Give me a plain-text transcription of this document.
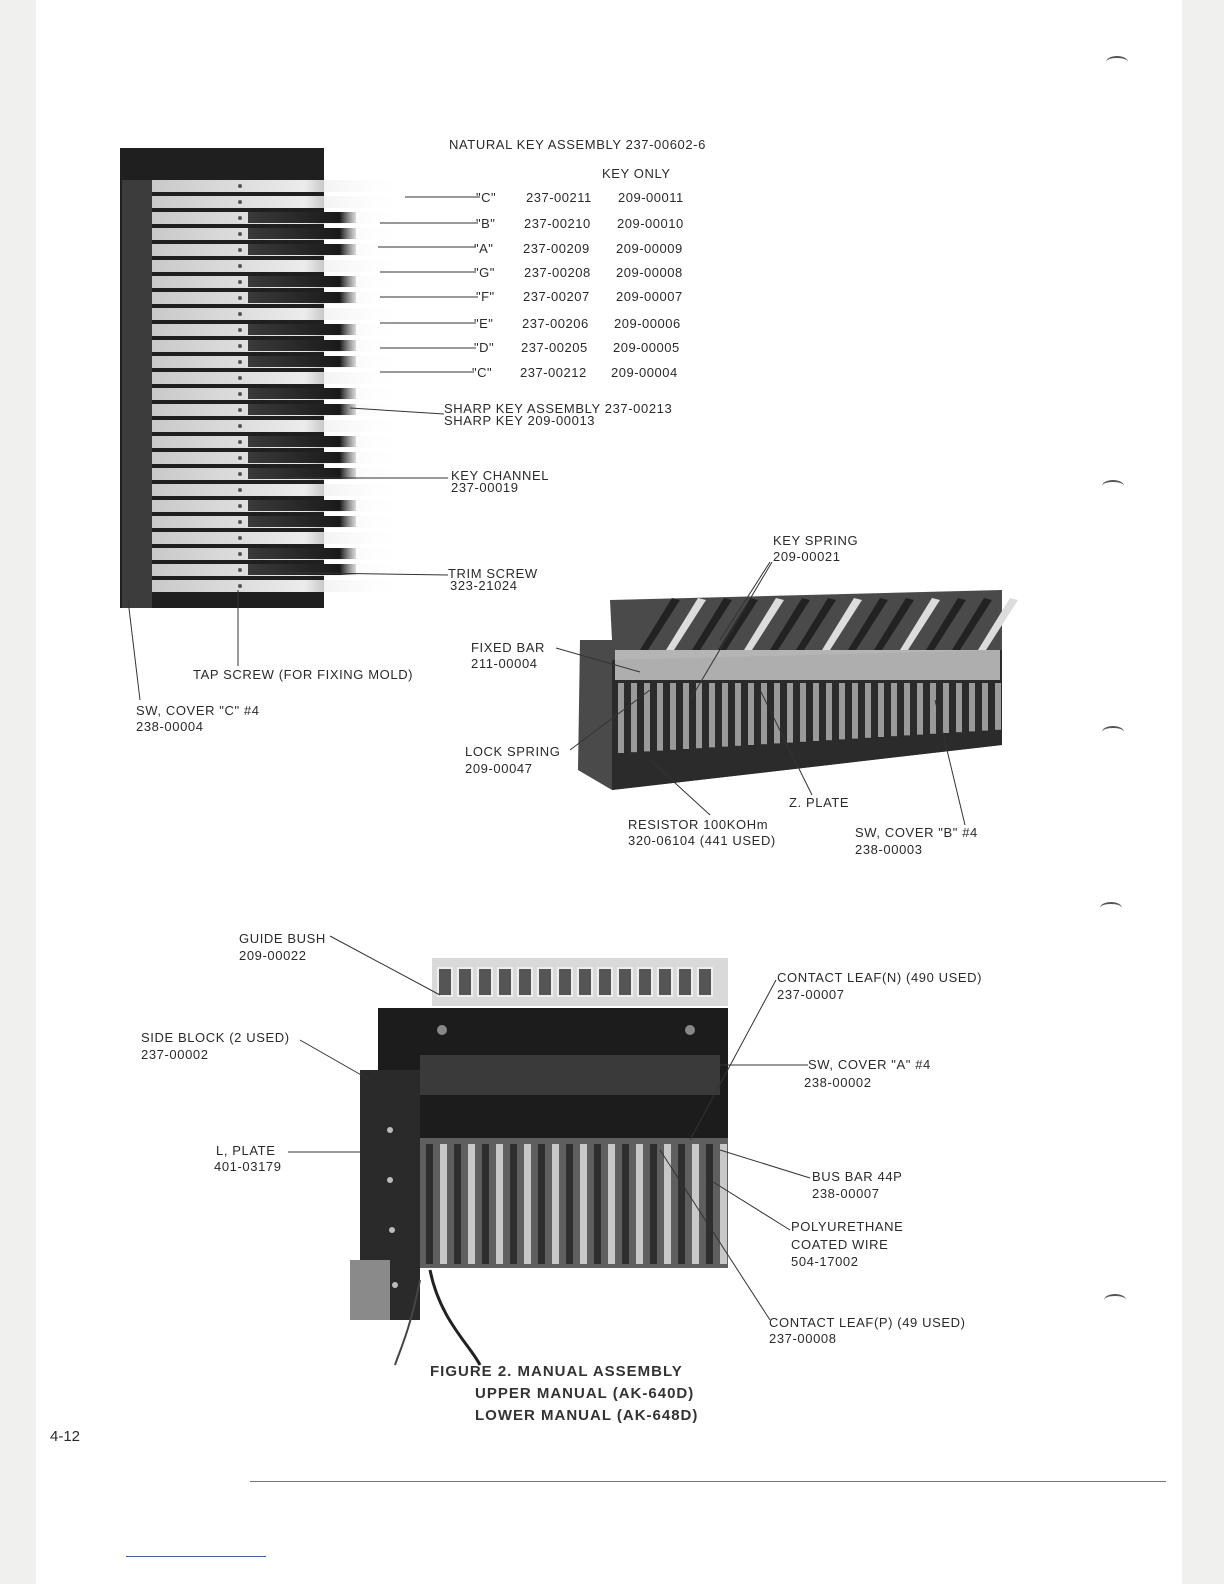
NATURAL KEY ASSEMBLY 237-00602-6
KEY ONLY
"C" 237-00211 209-00011
"B" 237-00210 209-00010
"A" 237-00209 209-00009
"G" 237-00208 209-00008
"F" 237-00207 209-00007
"E" 237-00206 209-00006
"D" 237-00205 209-00005
"C" 237-00212 209-00004
SHARP KEY ASSEMBLY 237-00213
SHARP KEY 209-00013
KEY CHANNEL
237-00019
TRIM SCREW
323-21024
TAP SCREW (FOR FIXING MOLD)
SW, COVER "C" #4
238-00004
KEY SPRING
209-00021
FIXED BAR
211-00004
LOCK SPRING
209-00047
Z. PLATE
RESISTOR 100KOHm
320-06104 (441 USED)
SW, COVER "B" #4
238-00003
GUIDE BUSH
209-00022
CONTACT LEAF(N) (490 USED)
237-00007
SIDE BLOCK (2 USED)
237-00002
SW, COVER "A" #4
238-00002
L, PLATE
401-03179
BUS BAR 44P
238-00007
POLYURETHANE
COATED WIRE
504-17002
CONTACT LEAF(P) (49 USED)
237-00008
FIGURE 2. MANUAL ASSEMBLY
UPPER MANUAL (AK-640D)
LOWER MANUAL (AK-648D)
4-12
